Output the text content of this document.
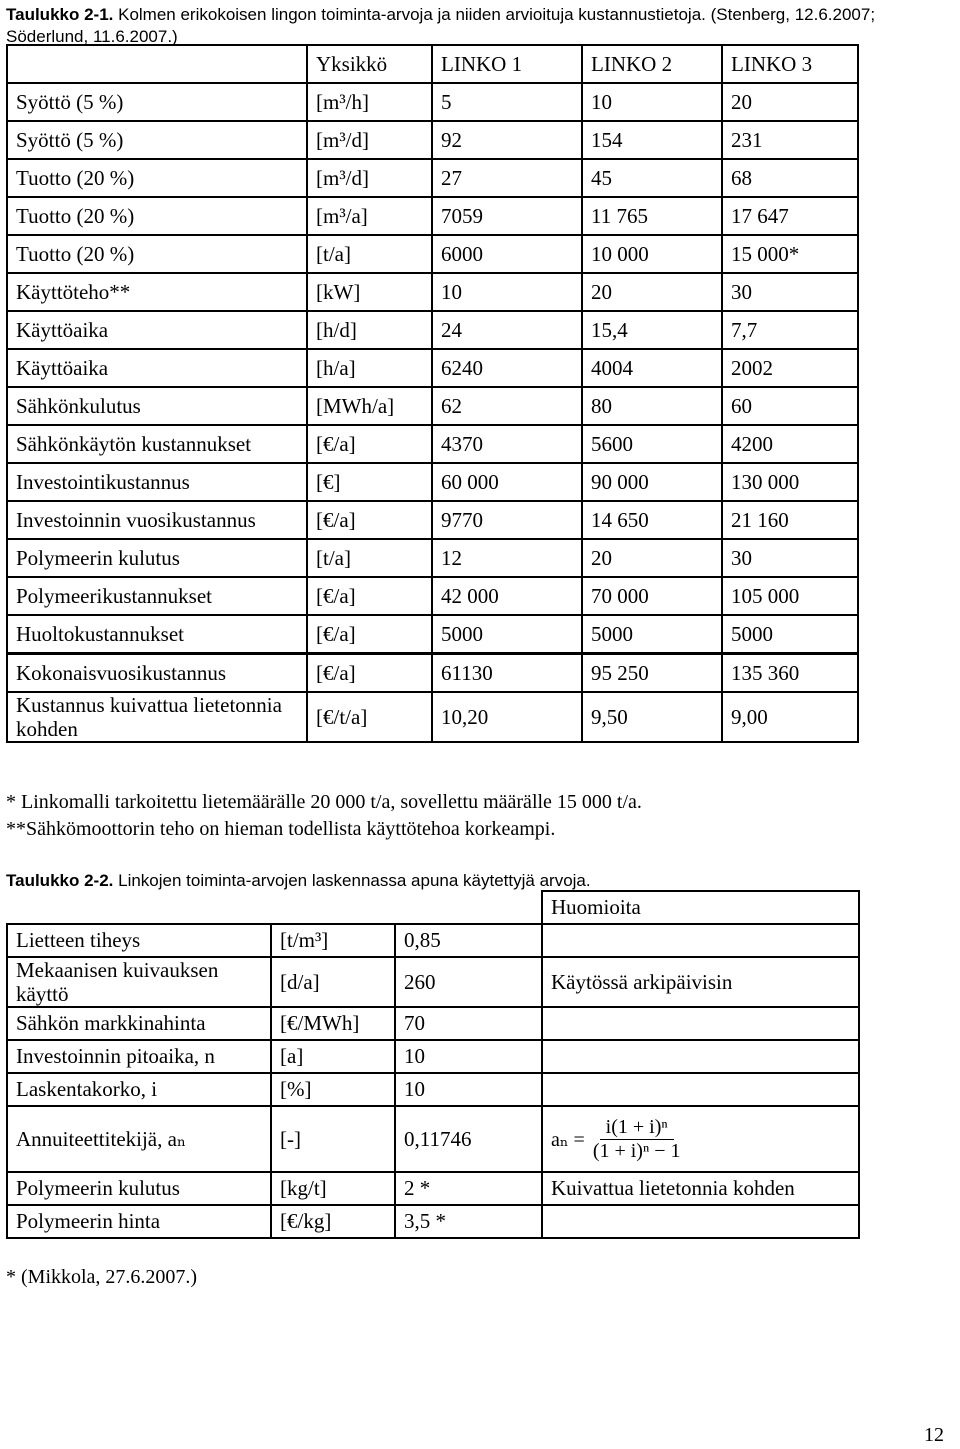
Taulukko 2-1. Kolmen erikokoisen lingon toiminta-arvoja ja niiden arvioituja kustannustietoja. (Stenberg, 12.6.2007; Söderlund, 11.6.2007.)
	Yksikkö	LINKO 1	LINKO 2	LINKO 3
Syöttö (5 %)	[m³/h]	5	10	20
Syöttö (5 %)	[m³/d]	92	154	231
Tuotto (20 %)	[m³/d]	27	45	68
Tuotto (20 %)	[m³/a]	7059	11 765	17 647
Tuotto (20 %)	[t/a]	6000	10 000	15 000*
Käyttöteho**	[kW]	10	20	30
Käyttöaika	[h/d]	24	15,4	7,7
Käyttöaika	[h/a]	6240	4004	2002
Sähkönkulutus	[MWh/a]	62	80	60
Sähkönkäytön kustannukset	[€/a]	4370	5600	4200
Investointikustannus	[€]	60 000	90 000	130 000
Investoinnin vuosikustannus	[€/a]	9770	14 650	21 160
Polymeerin kulutus	[t/a]	12	20	30
Polymeerikustannukset	[€/a]	42 000	70 000	105 000
Huoltokustannukset	[€/a]	5000	5000	5000
Kokonaisvuosikustannus	[€/a]	61130	95 250	135 360
Kustannus kuivattua lietetonnia kohden	[€/t/a]	10,20	9,50	9,00
* Linkomalli tarkoitettu lietemäärälle 20 000 t/a, sovellettu määrälle 15 000 t/a.
**Sähkömoottorin teho on hieman todellista käyttötehoa korkeampi.
Taulukko 2-2. Linkojen toiminta-arvojen laskennassa apuna käytettyjä arvoja.
			Huomioita
Lietteen tiheys	[t/m³]	0,85	
Mekaanisen kuivauksen käyttö	[d/a]	260	Käytössä arkipäivisin
Sähkön markkinahinta	[€/MWh]	70	
Investoinnin pitoaika, n	[a]	10	
Laskentakorko, i	[%]	10	
Annuiteettitekijä, aₙ	[-]	0,11746	$a_n = \frac{\text{i(1 + i)ⁿ}}{\text{(1 + i)ⁿ − 1}}$

Polymeerin kulutus	[kg/t]	2 *	Kuivattua lietetonnia kohden
Polymeerin hinta	[€/kg]	3,5 *	
* (Mikkola, 27.6.2007.)
12
